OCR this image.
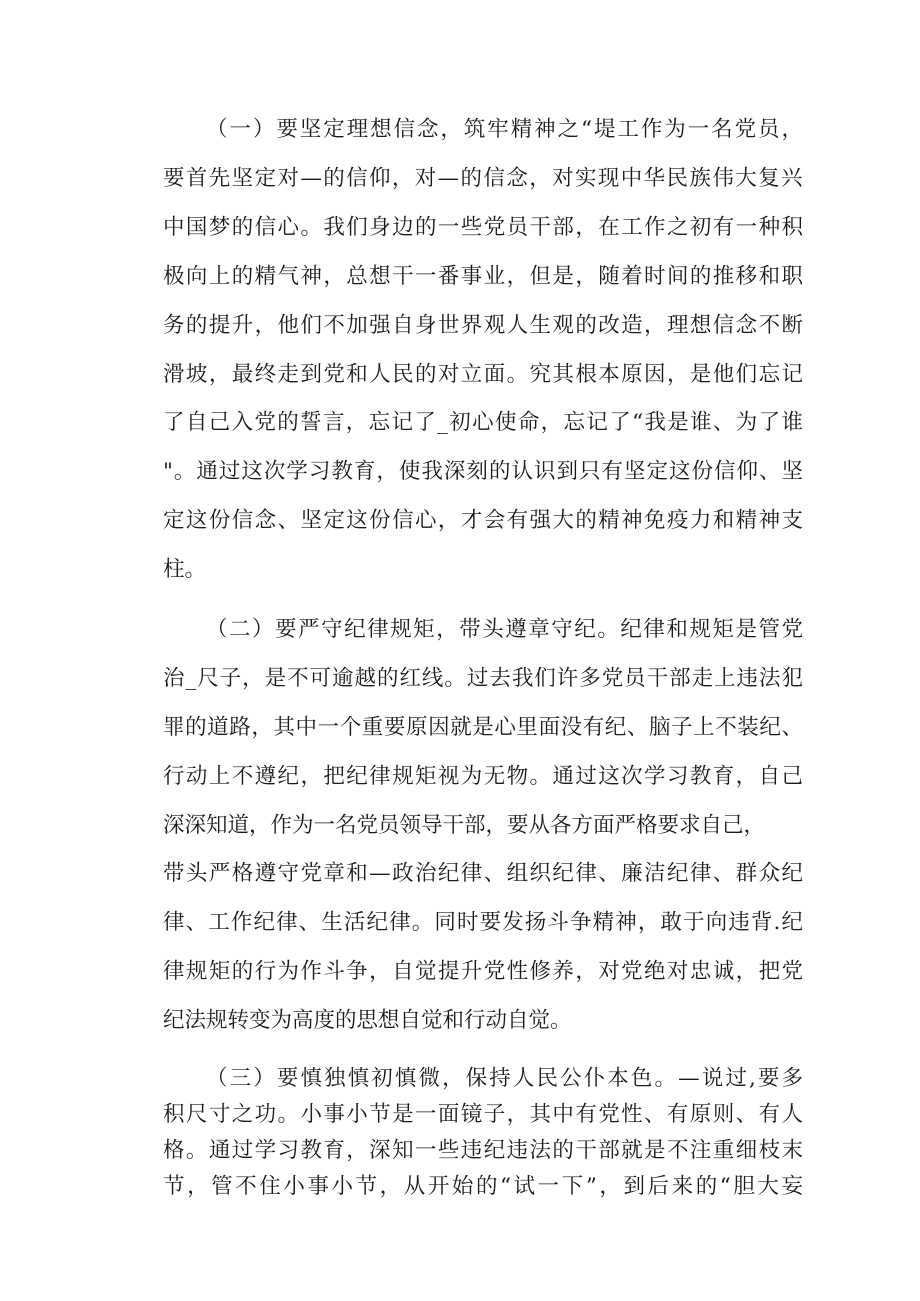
（一）要坚定理想信念，筑牢精神之“堤工作为一名党员，
要首先坚定对—的信仰，对—的信念，对实现中华民族伟大复兴
中国梦的信心。我们身边的一些党员干部，在工作之初有一种积
极向上的精气神，总想干一番事业，但是，随着时间的推移和职
务的提升，他们不加强自身世界观人生观的改造，理想信念不断
滑坡，最终走到党和人民的对立面。究其根本原因，是他们忘记
了自己入党的誓言，忘记了_初心使命，忘记了“我是谁、为了谁
"。通过这次学习教育，使我深刻的认识到只有坚定这份信仰、坚
定这份信念、坚定这份信心，才会有强大的精神免疫力和精神支
柱。
（二）要严守纪律规矩，带头遵章守纪。纪律和规矩是管党
治_尺子，是不可逾越的红线。过去我们许多党员干部走上违法犯
罪的道路，其中一个重要原因就是心里面没有纪、脑子上不装纪、
行动上不遵纪，把纪律规矩视为无物。通过这次学习教育，自己
深深知道，作为一名党员领导干部，要从各方面严格要求自己，
带头严格遵守党章和—政治纪律、组织纪律、廉洁纪律、群众纪
律、工作纪律、生活纪律。同时要发扬斗争精神，敢于向违背.纪
律规矩的行为作斗争，自觉提升党性修养，对党绝对忠诚，把党
纪法规转变为高度的思想自觉和行动自觉。
（三）要慎独慎初慎微，保持人民公仆本色。—说过,要多
积尺寸之功。小事小节是一面镜子，其中有党性、有原则、有人
格。通过学习教育，深知一些违纪违法的干部就是不注重细枝末
节，管不住小事小节，从开始的“试一下”，到后来的“胆大妄
